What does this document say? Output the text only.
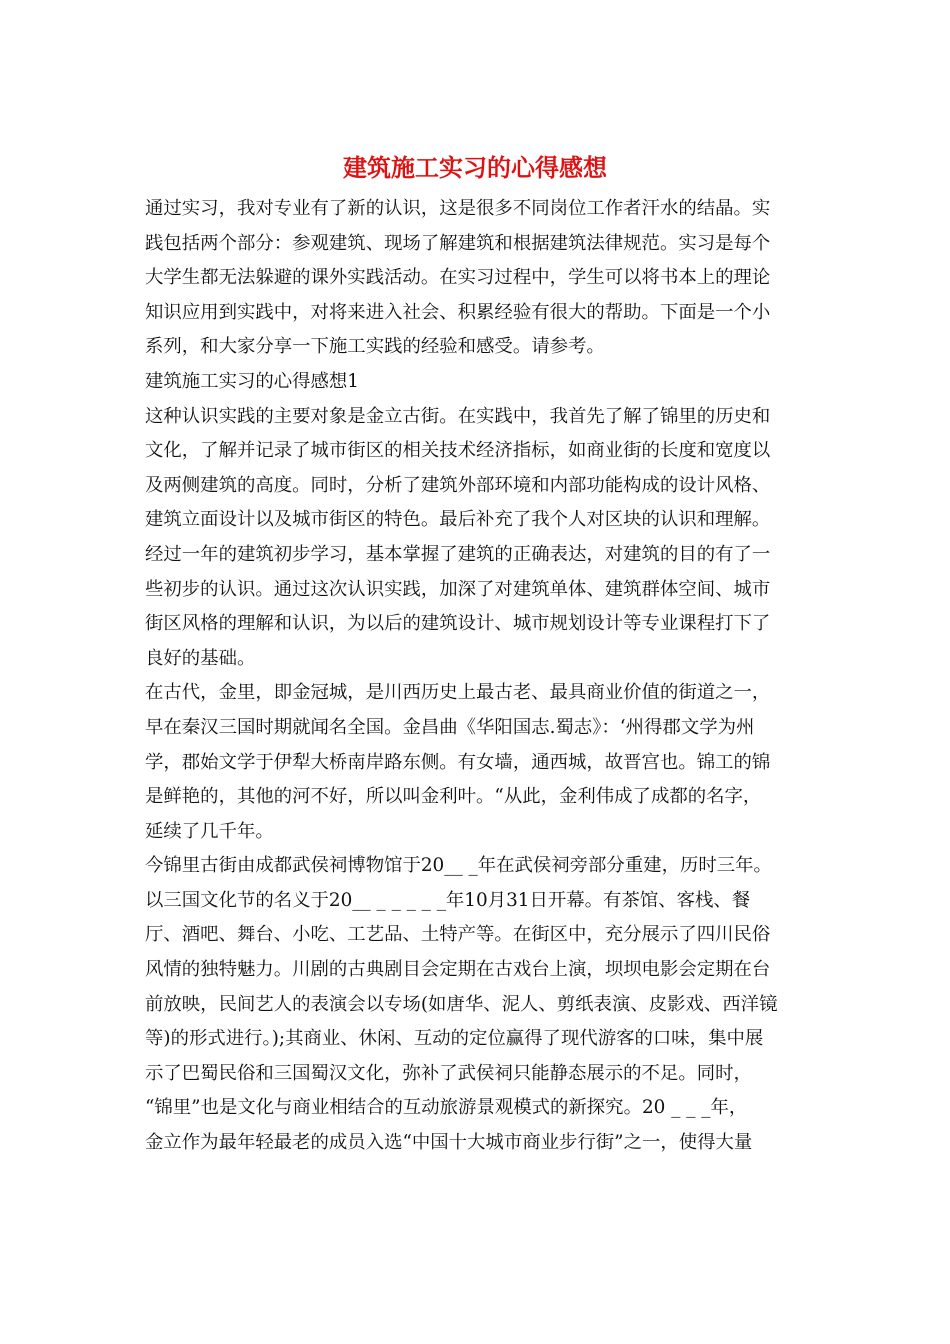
建筑施工实习的心得感想
通过实习，我对专业有了新的认识，这是很多不同岗位工作者汗水的结晶。实
践包括两个部分：参观建筑、现场了解建筑和根据建筑法律规范。实习是每个
大学生都无法躲避的课外实践活动。在实习过程中，学生可以将书本上的理论
知识应用到实践中，对将来进入社会、积累经验有很大的帮助。下面是一个小
系列，和大家分享一下施工实践的经验和感受。请参考。
建筑施工实习的心得感想1
这种认识实践的主要对象是金立古街。在实践中，我首先了解了锦里的历史和
文化，了解并记录了城市街区的相关技术经济指标，如商业街的长度和宽度以
及两侧建筑的高度。同时，分析了建筑外部环境和内部功能构成的设计风格、
建筑立面设计以及城市街区的特色。最后补充了我个人对区块的认识和理解。
经过一年的建筑初步学习，基本掌握了建筑的正确表达，对建筑的目的有了一
些初步的认识。通过这次认识实践，加深了对建筑单体、建筑群体空间、城市
街区风格的理解和认识，为以后的建筑设计、城市规划设计等专业课程打下了
良好的基础。
在古代，金里，即金冠城，是川西历史上最古老、最具商业价值的街道之一，
早在秦汉三国时期就闻名全国。金昌曲《华阳国志.蜀志》：‘州得郡文学为州
学，郡始文学于伊犁大桥南岸路东侧。有女墙，通西城，故晋宫也。锦工的锦
是鲜艳的，其他的河不好，所以叫金利叶。“从此，金利伟成了成都的名字，
延续了几千年。
今锦里古街由成都武侯祠博物馆于20__ _年在武侯祠旁部分重建，历时三年。
以三国文化节的名义于20__ _ _ _ _ _年10月31日开幕。有茶馆、客栈、餐
厅、酒吧、舞台、小吃、工艺品、土特产等。在街区中，充分展示了四川民俗
风情的独特魅力。川剧的古典剧目会定期在古戏台上演，坝坝电影会定期在台
前放映，民间艺人的表演会以专场(如唐华、泥人、剪纸表演、皮影戏、西洋镜
等)的形式进行。);其商业、休闲、互动的定位赢得了现代游客的口味，集中展
示了巴蜀民俗和三国蜀汉文化，弥补了武侯祠只能静态展示的不足。同时，
“锦里”也是文化与商业相结合的互动旅游景观模式的新探究。20 _ _ _年，
金立作为最年轻最老的成员入选“中国十大城市商业步行街”之一，使得大量
